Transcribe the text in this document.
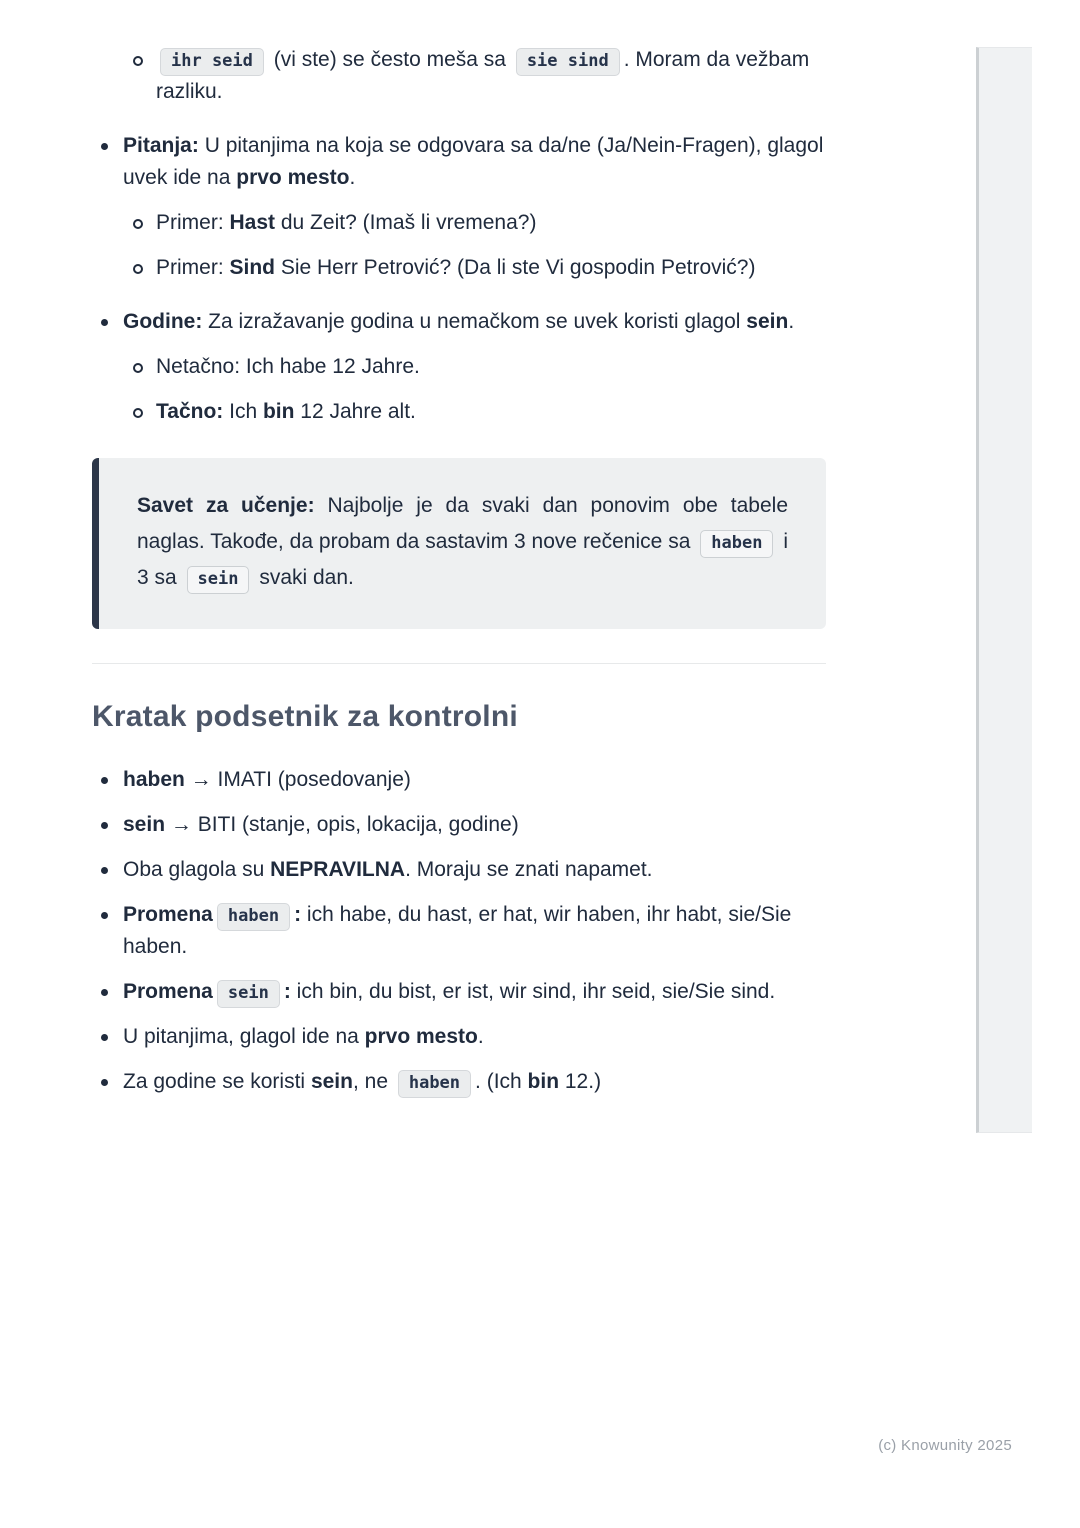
ihr seid (vi ste) se često meša sa sie sind . Moram da vežbam razliku.
Pitanja: U pitanjima na koja se odgovara sa da/ne (Ja/Nein-Fragen), glagol uvek ide na prvo mesto.
Primer: Hast du Zeit? (Imaš li vremena?)
Primer: Sind Sie Herr Petrović? (Da li ste Vi gospodin Petrović?)
Godine: Za izražavanje godina u nemačkom se uvek koristi glagol sein.
Netačno: Ich habe 12 Jahre.
Tačno: Ich bin 12 Jahre alt.
Savet za učenje: Najbolje je da svaki dan ponovim obe tabele naglas. Takođe, da probam da sastavim 3 nove rečenice sa haben i 3 sa sein svaki dan.
Kratak podsetnik za kontrolni
haben → IMATI (posedovanje)
sein → BITI (stanje, opis, lokacija, godine)
Oba glagola su NEPRAVILNA. Moraju se znati napamet.
Promena haben : ich habe, du hast, er hat, wir haben, ihr habt, sie/Sie haben.
Promena sein : ich bin, du bist, er ist, wir sind, ihr seid, sie/Sie sind.
U pitanjima, glagol ide na prvo mesto.
Za godine se koristi sein, ne haben . (Ich bin 12.)
(c) Knowunity 2025
